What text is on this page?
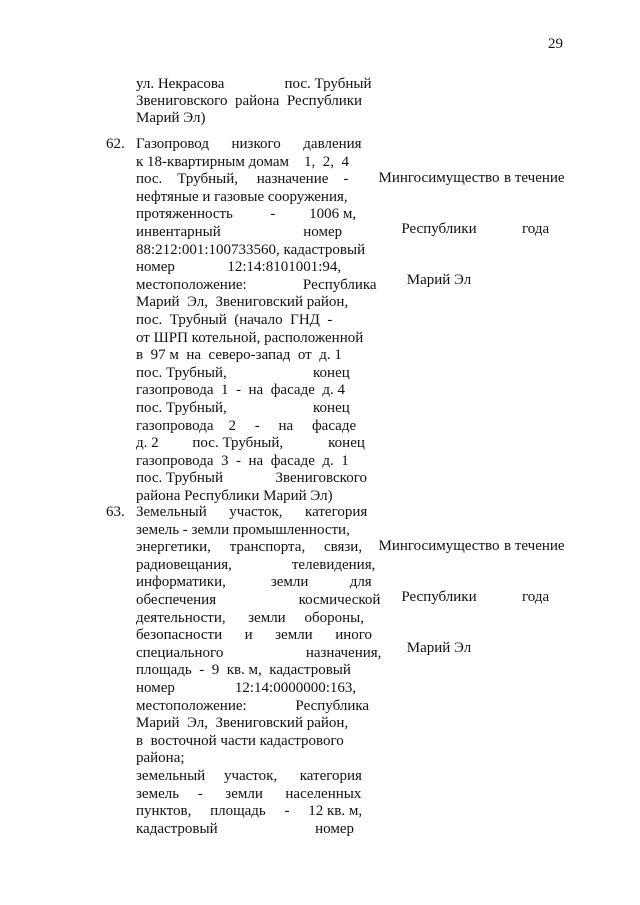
29
ул. Некрасова                пос. Трубный
Звениговского  района  Республики
Марий Эл)
62. Газопровод      низкого      давления
к 18-квартирным домам    1,  2,  4
пос.    Трубный,     назначение    -
нефтяные и газовые сооружения,
протяженность          -         1006 м,
инвентарный                      номер
88:212:001:100733560, кадастровый
номер              12:14:8101001:94,
местоположение:               Республика
Марий  Эл,  Звениговский район,
пос.  Трубный  (начало  ГНД  -
от ШРП котельной, расположенной
в  97 м  на  северо-запад  от  д. 1
пос. Трубный,                       конец
газопровода  1  -  на  фасаде  д. 4
пос. Трубный,                       конец
газопровода    2     -     на     фасаде
д. 2         пос. Трубный,            конец
газопровода  3  -  на  фасаде  д.  1
пос. Трубный              Звениговского
района Республики Марий Эл)

Мингосимущество

Республики

Марий Эл

в течение

года

63. Земельный      участок,      категория
земель - земли промышленности,
энергетики,     транспорта,     связи,
радиовещания,                телевидения,
информатики,            земли           для
обеспечения                      космической
деятельности,      земли     обороны,
безопасности      и      земли      иного
специального                      назначения,
площадь  -  9  кв. м,  кадастровый
номер                12:14:0000000:163,
местоположение:             Республика
Марий  Эл,  Звениговский район,
в  восточной части кадастрового
района;
земельный     участок,      категория
земель     -      земли      населенных
пунктов,     площадь     -     12 кв. м,
кадастровый                          номер

Мингосимущество

Республики

Марий Эл

в течение

года
